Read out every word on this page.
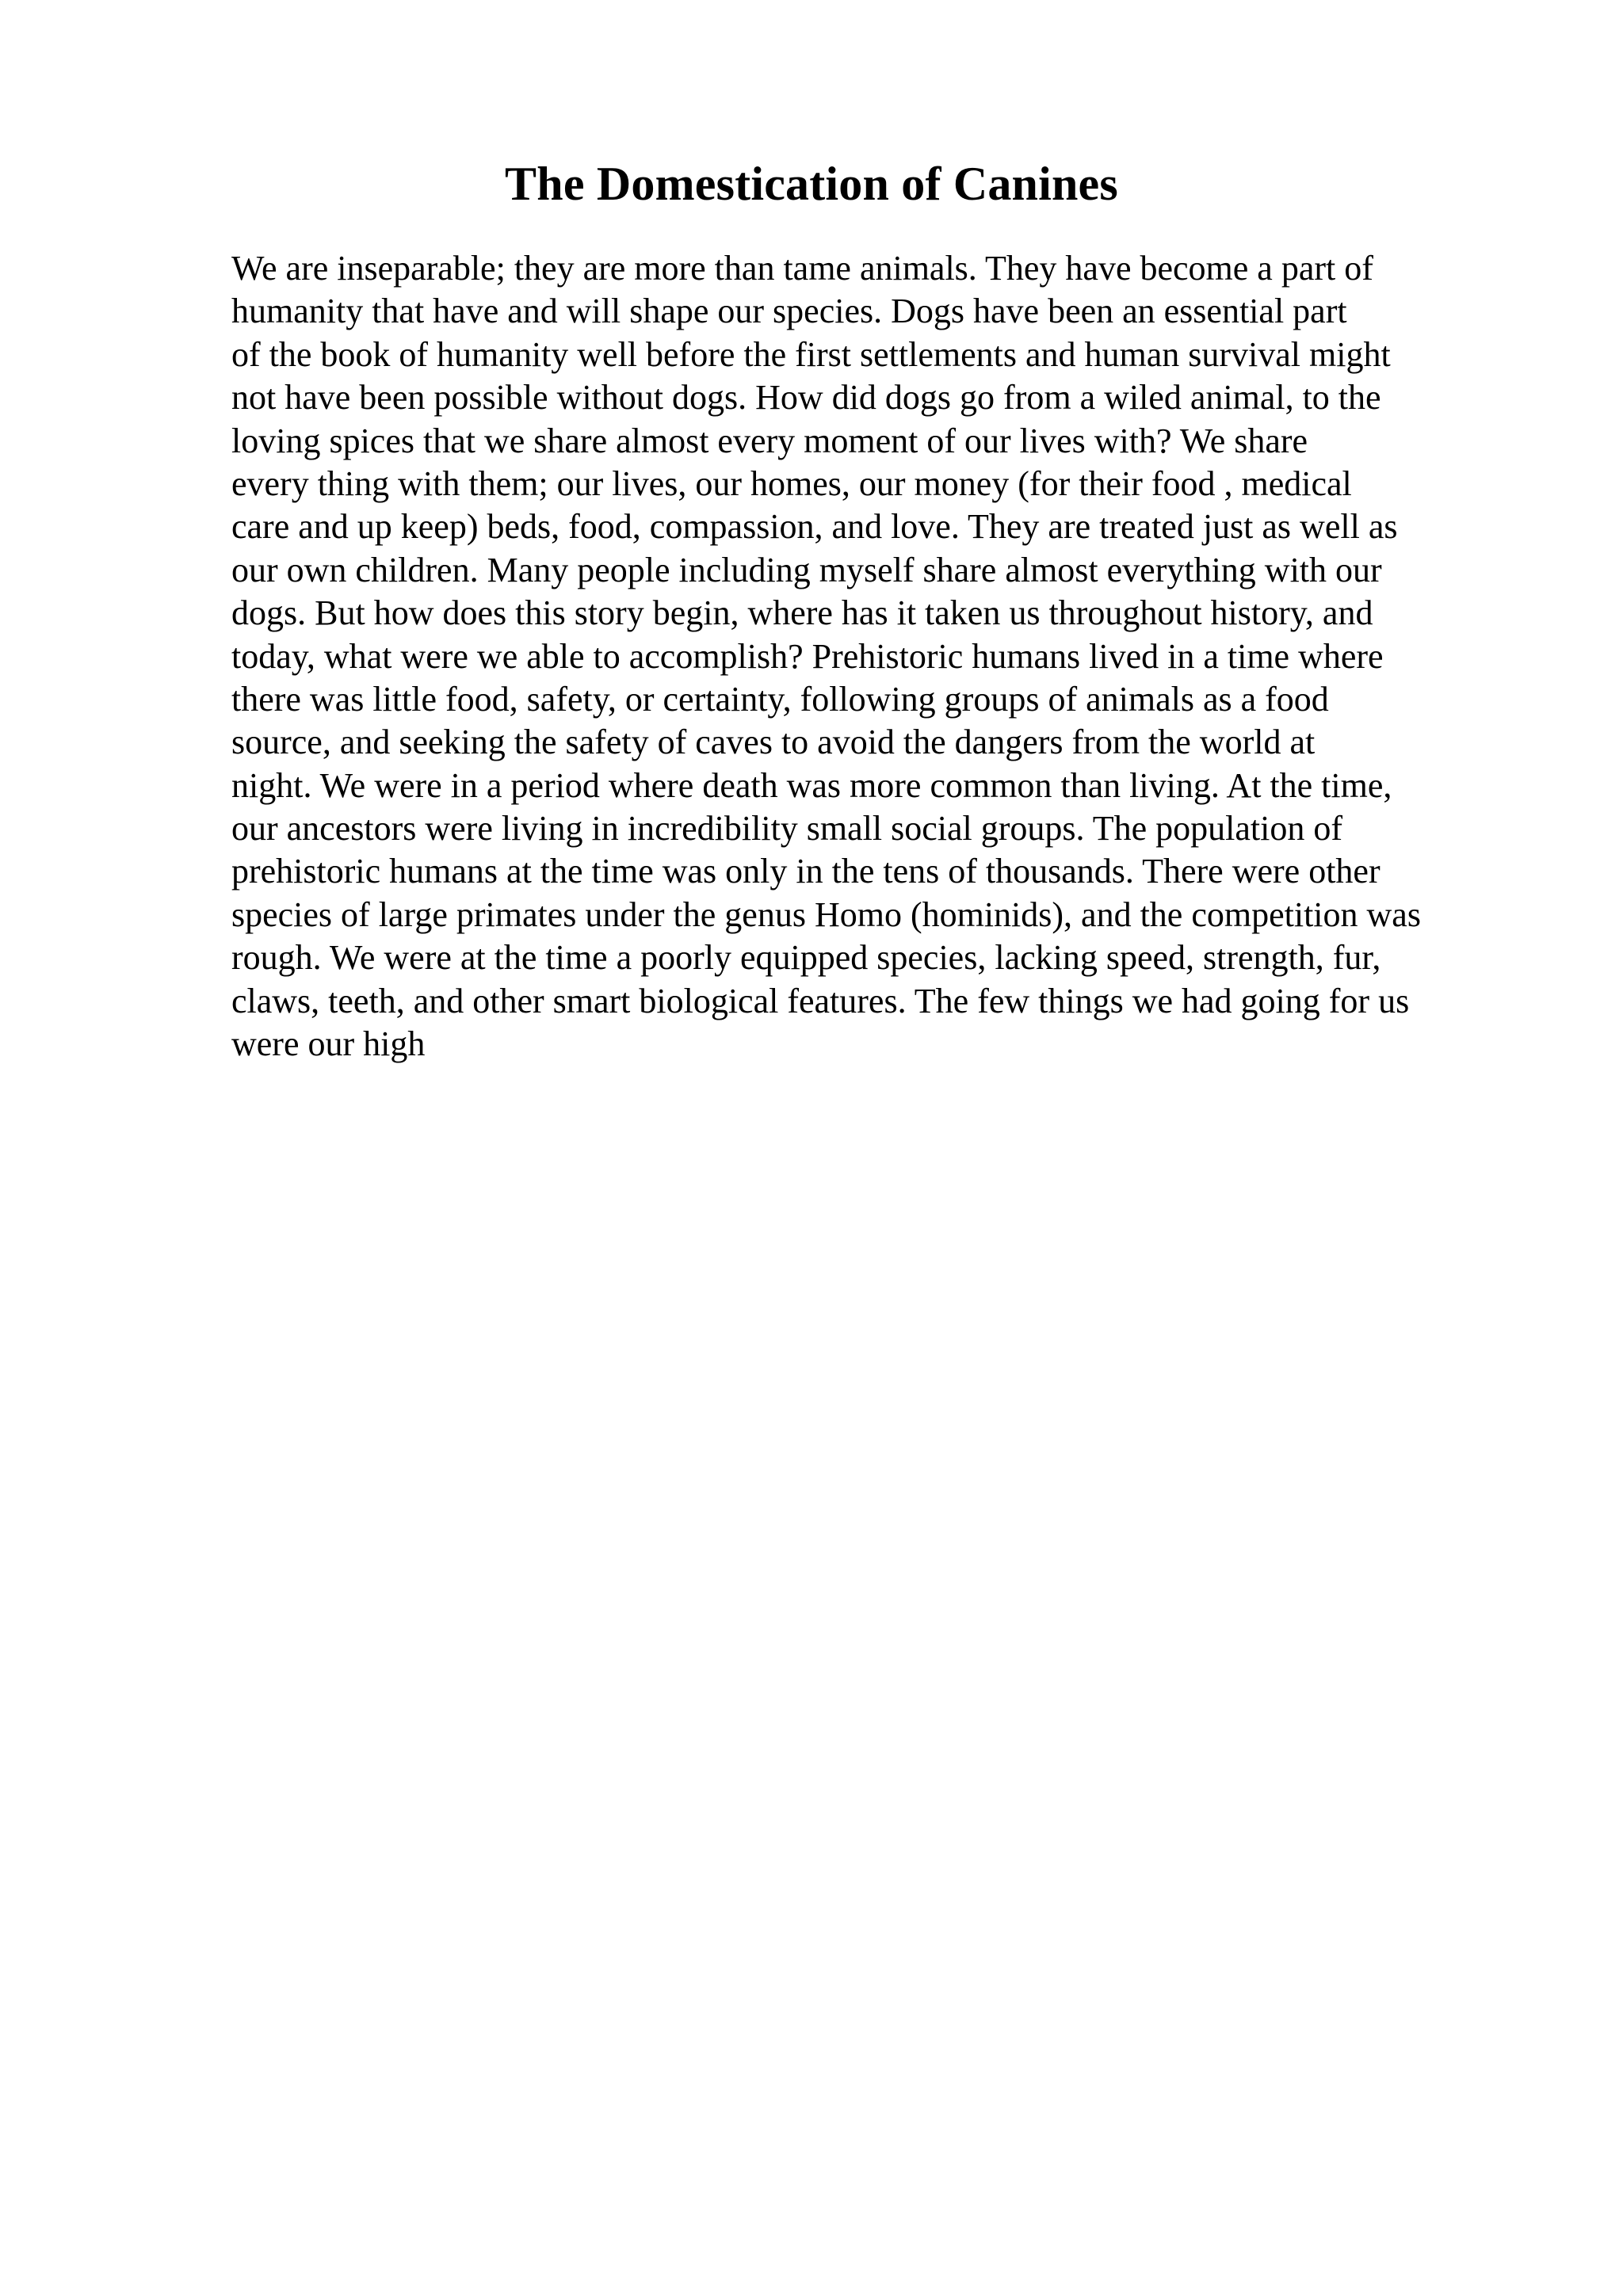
The Domestication of Canines
We are inseparable; they are more than tame animals. They have become a part of
humanity that have and will shape our species. Dogs have been an essential part
of the book of humanity well before the first settlements and human survival might
not have been possible without dogs. How did dogs go from a wiled animal, to the
loving spices that we share almost every moment of our lives with? We share
every thing with them; our lives, our homes, our money (for their food , medical
care and up keep) beds, food, compassion, and love. They are treated just as well as
our own children. Many people including myself share almost everything with our
dogs. But how does this story begin, where has it taken us throughout history, and
today, what were we able to accomplish? Prehistoric humans lived in a time where
there was little food, safety, or certainty, following groups of animals as a food
source, and seeking the safety of caves to avoid the dangers from the world at
night. We were in a period where death was more common than living. At the time,
our ancestors were living in incredibility small social groups. The population of
prehistoric humans at the time was only in the tens of thousands. There were other
species of large primates under the genus Homo (hominids), and the competition was
rough. We were at the time a poorly equipped species, lacking speed, strength, fur,
claws, teeth, and other smart biological features. The few things we had going for us
were our high
